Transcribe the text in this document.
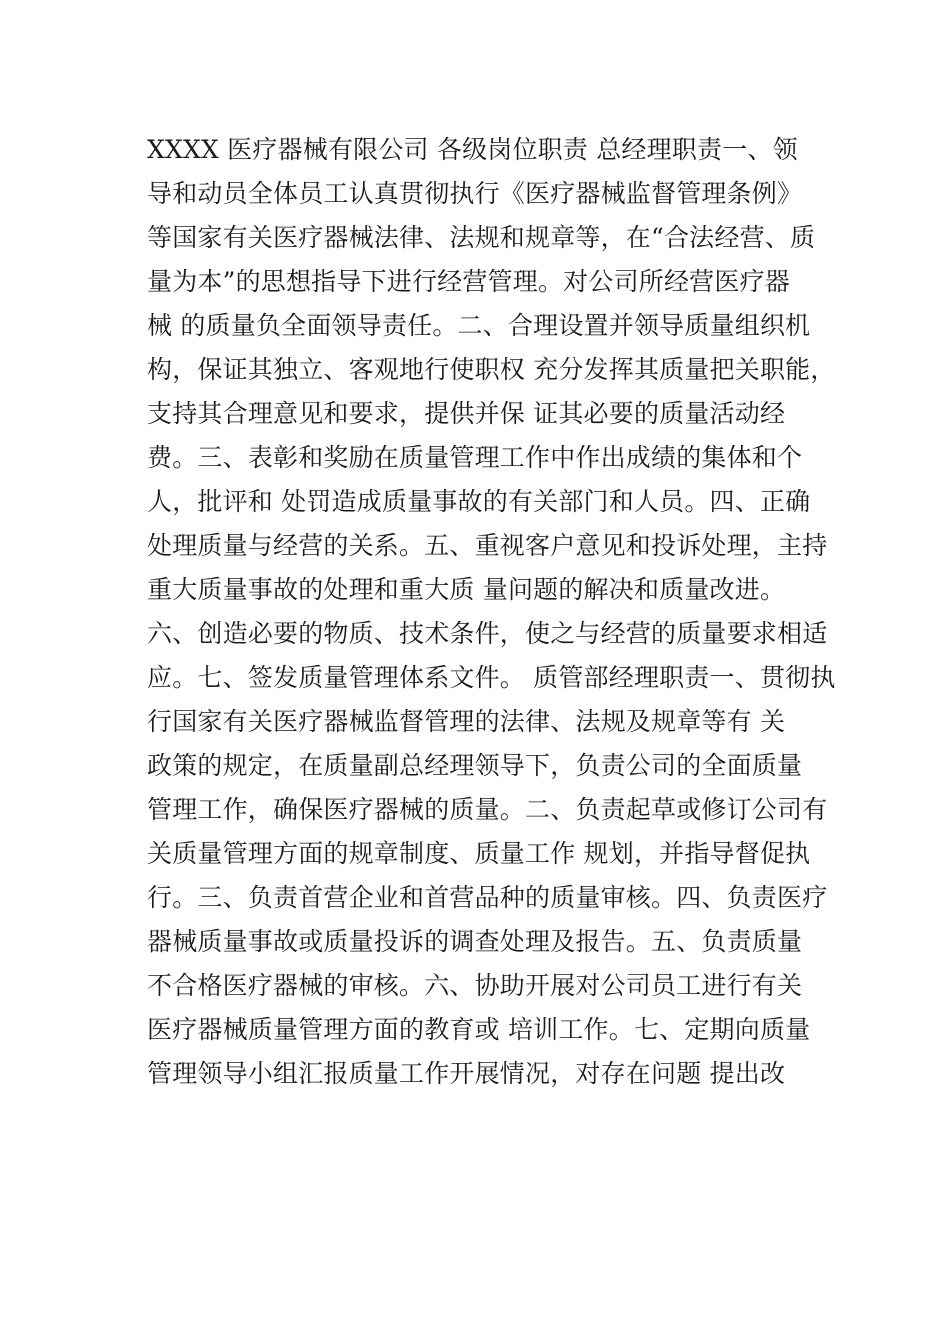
XXXX 医疗器械有限公司 各级岗位职责 总经理职责一、领
导和动员全体员工认真贯彻执行《医疗器械监督管理条例》
等国家有关医疗器械法律、法规和规章等，在“合法经营、质
量为本”的思想指导下进行经营管理。对公司所经营医疗器
械 的质量负全面领导责任。二、合理设置并领导质量组织机
构，保证其独立、客观地行使职权 充分发挥其质量把关职能，
支持其合理意见和要求，提供并保 证其必要的质量活动经
费。三、表彰和奖励在质量管理工作中作出成绩的集体和个
人，批评和 处罚造成质量事故的有关部门和人员。四、正确
处理质量与经营的关系。五、重视客户意见和投诉处理，主持
重大质量事故的处理和重大质 量问题的解决和质量改进。
六、创造必要的物质、技术条件，使之与经营的质量要求相适
应。七、签发质量管理体系文件。 质管部经理职责一、贯彻执
行国家有关医疗器械监督管理的法律、法规及规章等有 关
政策的规定，在质量副总经理领导下，负责公司的全面质量
管理工作，确保医疗器械的质量。二、负责起草或修订公司有
关质量管理方面的规章制度、质量工作 规划，并指导督促执
行。三、负责首营企业和首营品种的质量审核。四、负责医疗
器械质量事故或质量投诉的调查处理及报告。五、负责质量
不合格医疗器械的审核。六、协助开展对公司员工进行有关
医疗器械质量管理方面的教育或 培训工作。七、定期向质量
管理领导小组汇报质量工作开展情况，对存在问题 提出改
